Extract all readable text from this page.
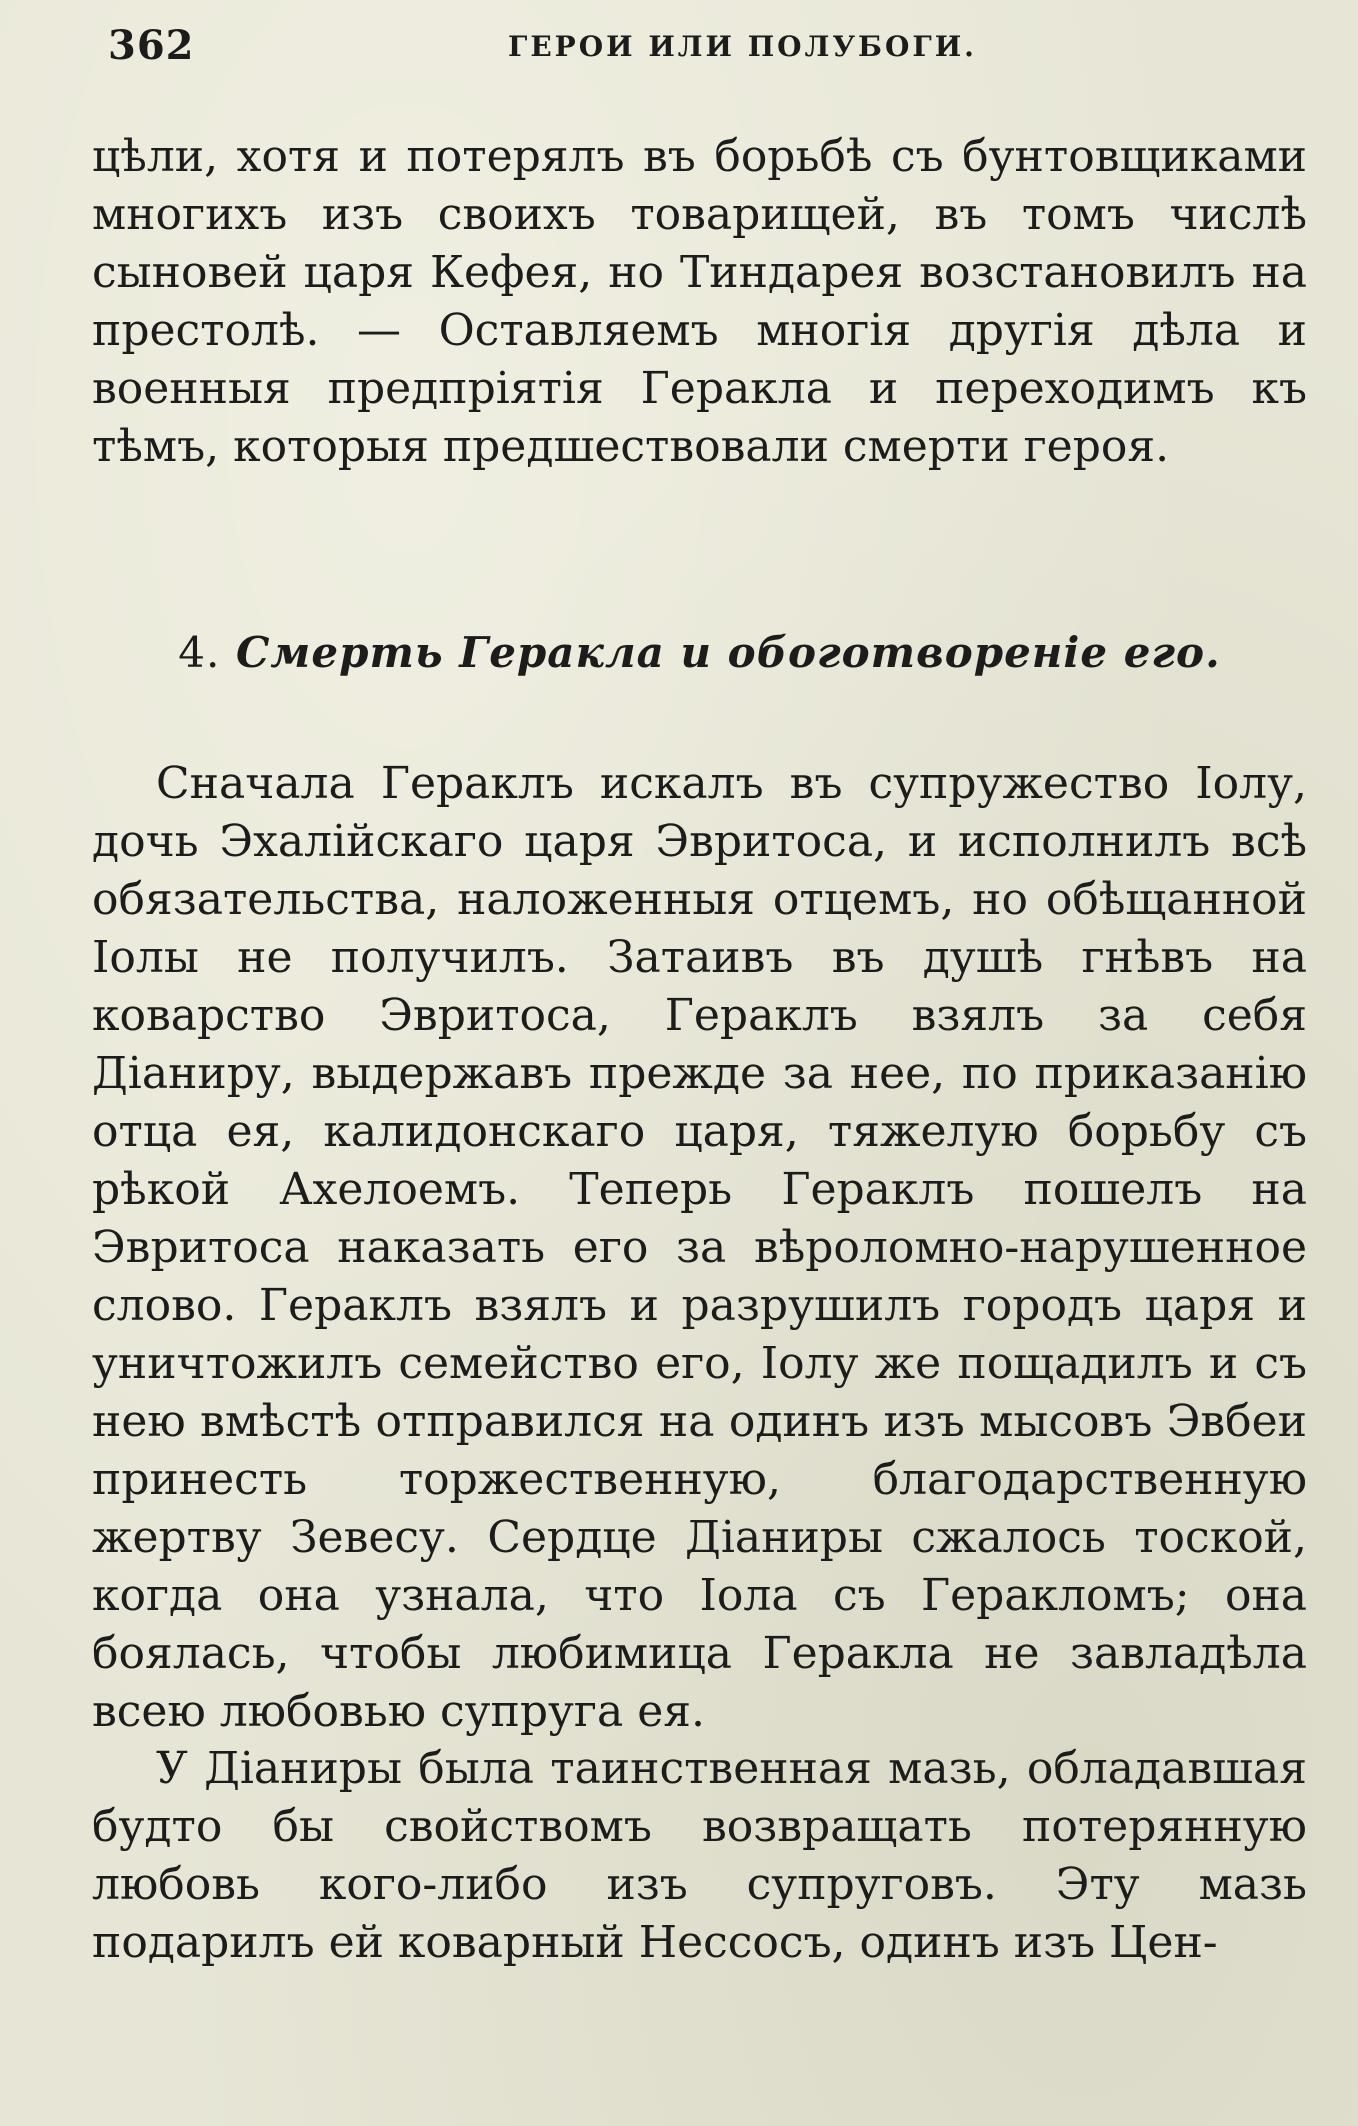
362	ГЕРОИ ИЛИ ПОЛУБОГИ.

цѣли, хотя и потерялъ въ борьбѣ съ бунтовщиками многихъ изъ своихъ товарищей, въ томъ числѣ сыновей царя Кефея, но Тиндарея возстановилъ на престолѣ. — Оставляемъ многія другія дѣла и военныя предпріятія Геракла и переходимъ къ тѣмъ, которыя предшествовали смерти героя.

4. Смерть Геракла и обоготвореніе его.

Сначала Гераклъ искалъ въ супружество Іолу, дочь Эхалійскаго царя Эвритоса, и исполнилъ всѣ обязательства, наложенныя отцемъ, но обѣщанной Іолы не получилъ. Затаивъ въ душѣ гнѣвъ на коварство Эвритоса, Гераклъ взялъ за себя Діаниру, выдержавъ прежде за нее, по приказанію отца ея, калидонскаго царя, тяжелую борьбу съ рѣкой Ахелоемъ. Теперь Гераклъ пошелъ на Эвритоса наказать его за вѣроломно-нарушенное слово. Гераклъ взялъ и разрушилъ городъ царя и уничтожилъ семейство его, Іолу же пощадилъ и съ нею вмѣстѣ отправился на одинъ изъ мысовъ Эвбеи принесть торжественную, благодарственную жертву Зевесу. Сердце Діаниры сжалось тоской, когда она узнала, что Іола съ Геракломъ; она боялась, чтобы любимица Геракла не завладѣла всею любовью супруга ея.

У Діаниры была таинственная мазь, обладавшая будто бы свойствомъ возвращать потерянную любовь кого-либо изъ супруговъ. Эту мазь подарилъ ей коварный Нессосъ, одинъ изъ Цен-
